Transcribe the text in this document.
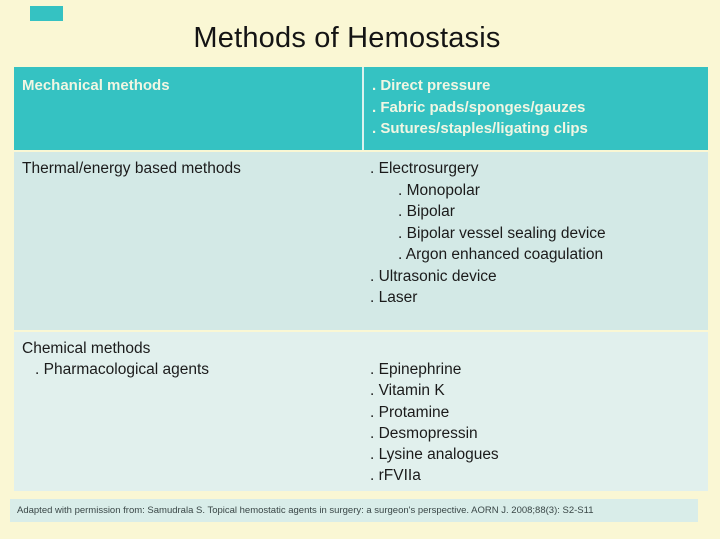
Methods of Hemostasis
Mechanical methods	. Direct pressure
. Fabric pads/sponges/gauzes
. Sutures/staples/ligating clips
Thermal/energy based methods	. Electrosurgery
. Monopolar
. Bipolar
. Bipolar vessel sealing device
. Argon enhanced coagulation
. Ultrasonic device
. Laser
Chemical methods
. Pharmacological agents	. Epinephrine
. Vitamin K
. Protamine
. Desmopressin
. Lysine analogues
. rFVIIa
Adapted with permission from: Samudrala S. Topical hemostatic agents in surgery: a surgeon's perspective. AORN J. 2008;88(3): S2-S11
